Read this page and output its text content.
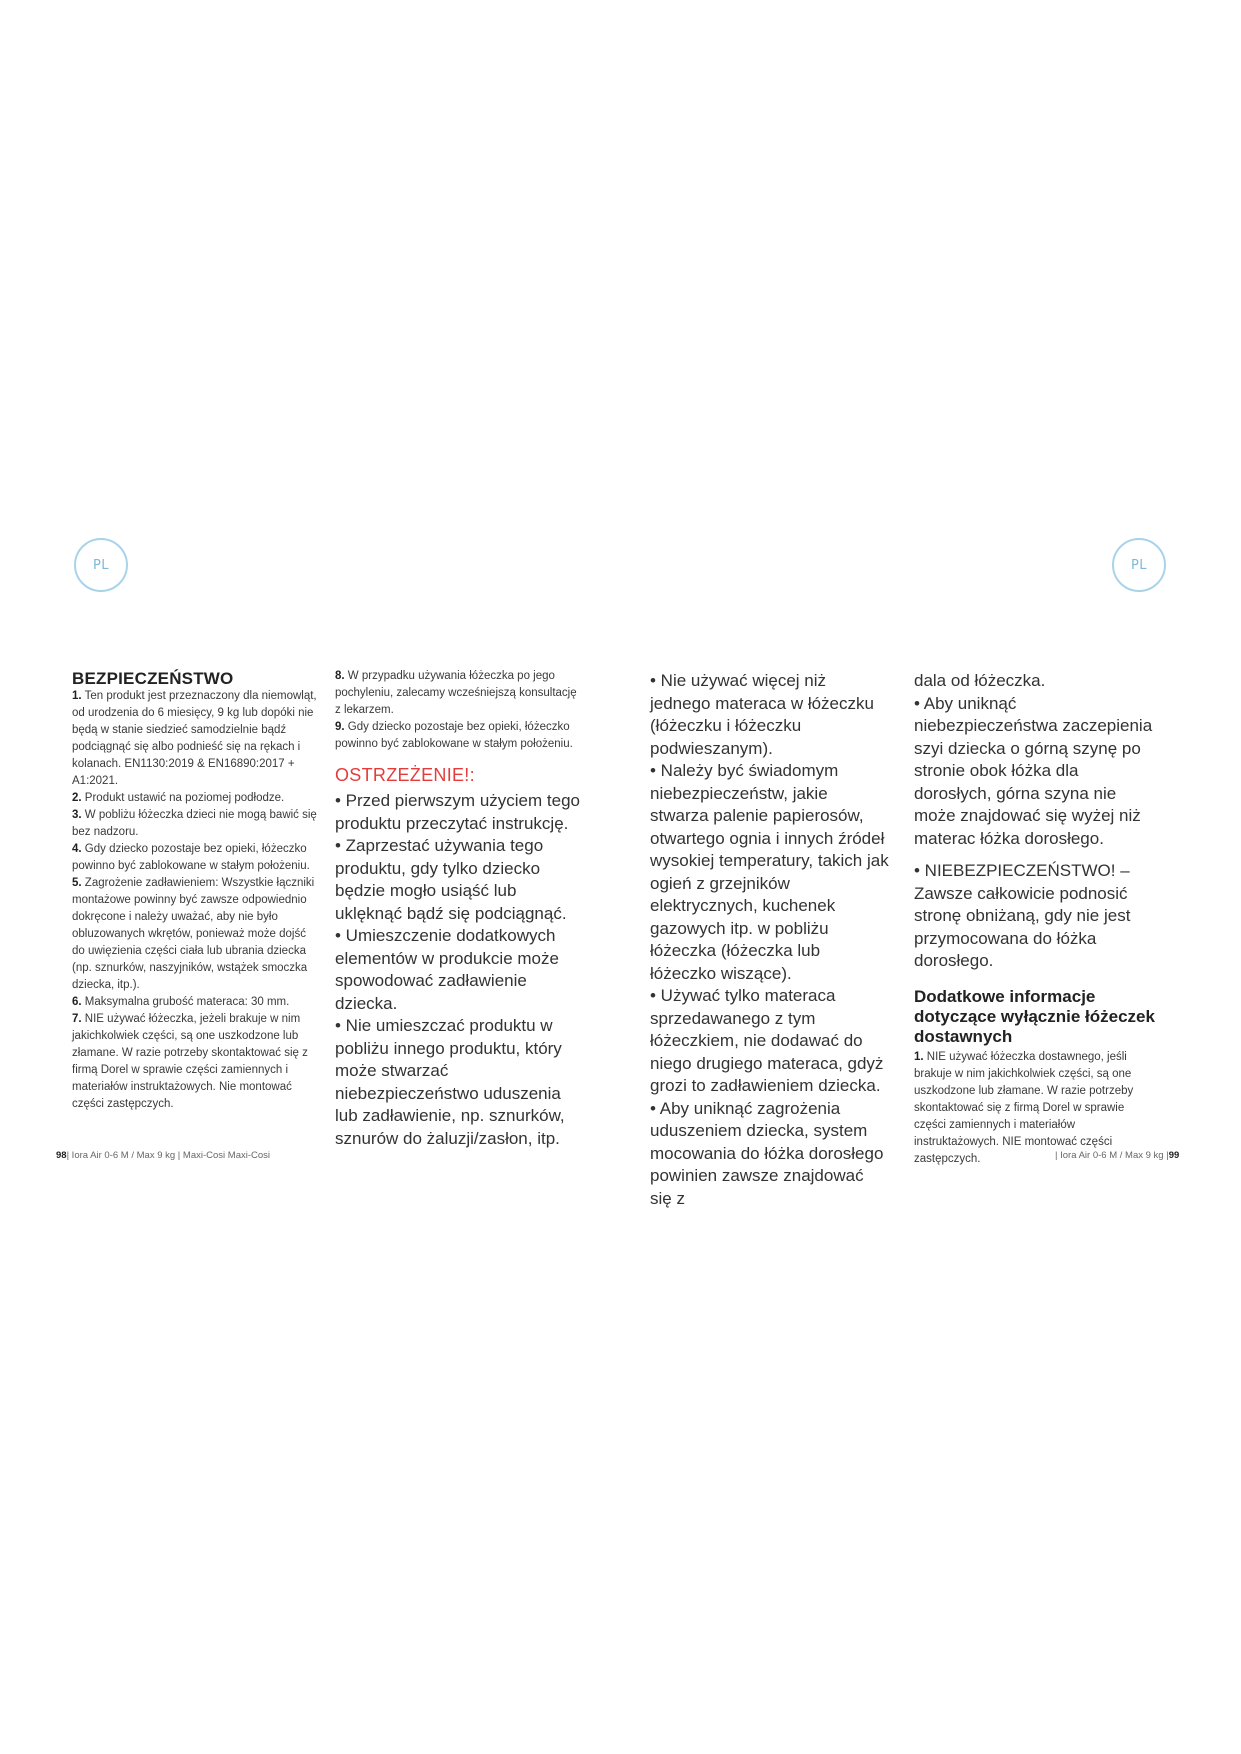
PL	PL
BEZPIECZEŃSTWO
1. Ten produkt jest przeznaczony dla niemowląt, od urodzenia do 6 miesięcy, 9 kg lub dopóki nie będą w stanie siedzieć samodzielnie bądź podciągnąć się albo podnieść się na rękach i kolanach. EN1130:2019 & EN16890:2017 + A1:2021.
2. Produkt ustawić na poziomej podłodze.
3. W pobliżu łóżeczka dzieci nie mogą bawić się bez nadzoru.
4. Gdy dziecko pozostaje bez opieki, łóżeczko powinno być zablokowane w stałym położeniu.
5. Zagrożenie zadławieniem: Wszystkie łączniki montażowe powinny być zawsze odpowiednio dokręcone i należy uważać, aby nie było obluzowanych wkrętów, ponieważ może dojść do uwięzienia części ciała lub ubrania dziecka (np. sznurków, naszyjników, wstążek smoczka dziecka, itp.).
6. Maksymalna grubość materaca: 30 mm.
7. NIE używać łóżeczka, jeżeli brakuje w nim jakichkolwiek części, są one uszkodzone lub złamane. W razie potrzeby skontaktować się z firmą Dorel w sprawie części zamiennych i materiałów instruktażowych. Nie montować części zastępczych.
8. W przypadku używania łóżeczka po jego pochyleniu, zalecamy wcześniejszą konsultację z lekarzem.
9. Gdy dziecko pozostaje bez opieki, łóżeczko powinno być zablokowane w stałym położeniu.
OSTRZEŻENIE!:
• Przed pierwszym użyciem tego produktu przeczytać instrukcję.
• Zaprzestać używania tego produktu, gdy tylko dziecko będzie mogło usiąść lub uklęknąć bądź się podciągnąć.
• Umieszczenie dodatkowych elementów w produkcie może spowodować zadławienie dziecka.
• Nie umieszczać produktu w pobliżu innego produktu, który może stwarzać niebezpieczeństwo uduszenia lub zadławienie, np. sznurków, sznurów do żaluzji/zasłon, itp.
• Nie używać więcej niż jednego materaca w łóżeczku (łóżeczku i łóżeczku podwieszanym).
• Należy być świadomym niebezpieczeństw, jakie stwarza palenie papierosów, otwartego ognia i innych źródeł wysokiej temperatury, takich jak ogień z grzejników elektrycznych, kuchenek gazowych itp. w pobliżu łóżeczka (łóżeczka lub łóżeczko wiszące).
• Używać tylko materaca sprzedawanego z tym łóżeczkiem, nie dodawać do niego drugiego materaca, gdyż grozi to zadławieniem dziecka.
• Aby uniknąć zagrożenia uduszeniem dziecka, system mocowania do łóżka dorosłego powinien zawsze znajdować się z
dala od łóżeczka.
• Aby uniknąć niebezpieczeństwa zaczepienia szyi dziecka o górną szynę po stronie obok łóżka dla dorosłych, górna szyna nie może znajdować się wyżej niż materac łóżka dorosłego.
• NIEBEZPIECZEŃSTWO! – Zawsze całkowicie podnosić stronę obniżaną, gdy nie jest przymocowana do łóżka dorosłego.
Dodatkowe informacje dotyczące wyłącznie łóżeczek dostawnych
1. NIE używać łóżeczka dostawnego, jeśli brakuje w nim jakichkolwiek części, są one uszkodzone lub złamane. W razie potrzeby skontaktować się z firmą Dorel w sprawie części zamiennych i materiałów instruktażowych. NIE montować części zastępczych.
98| Iora Air 0-6 M / Max 9 kg | Maxi-Cosi Maxi-Cosi	| Iora Air 0-6 M / Max 9 kg |99
